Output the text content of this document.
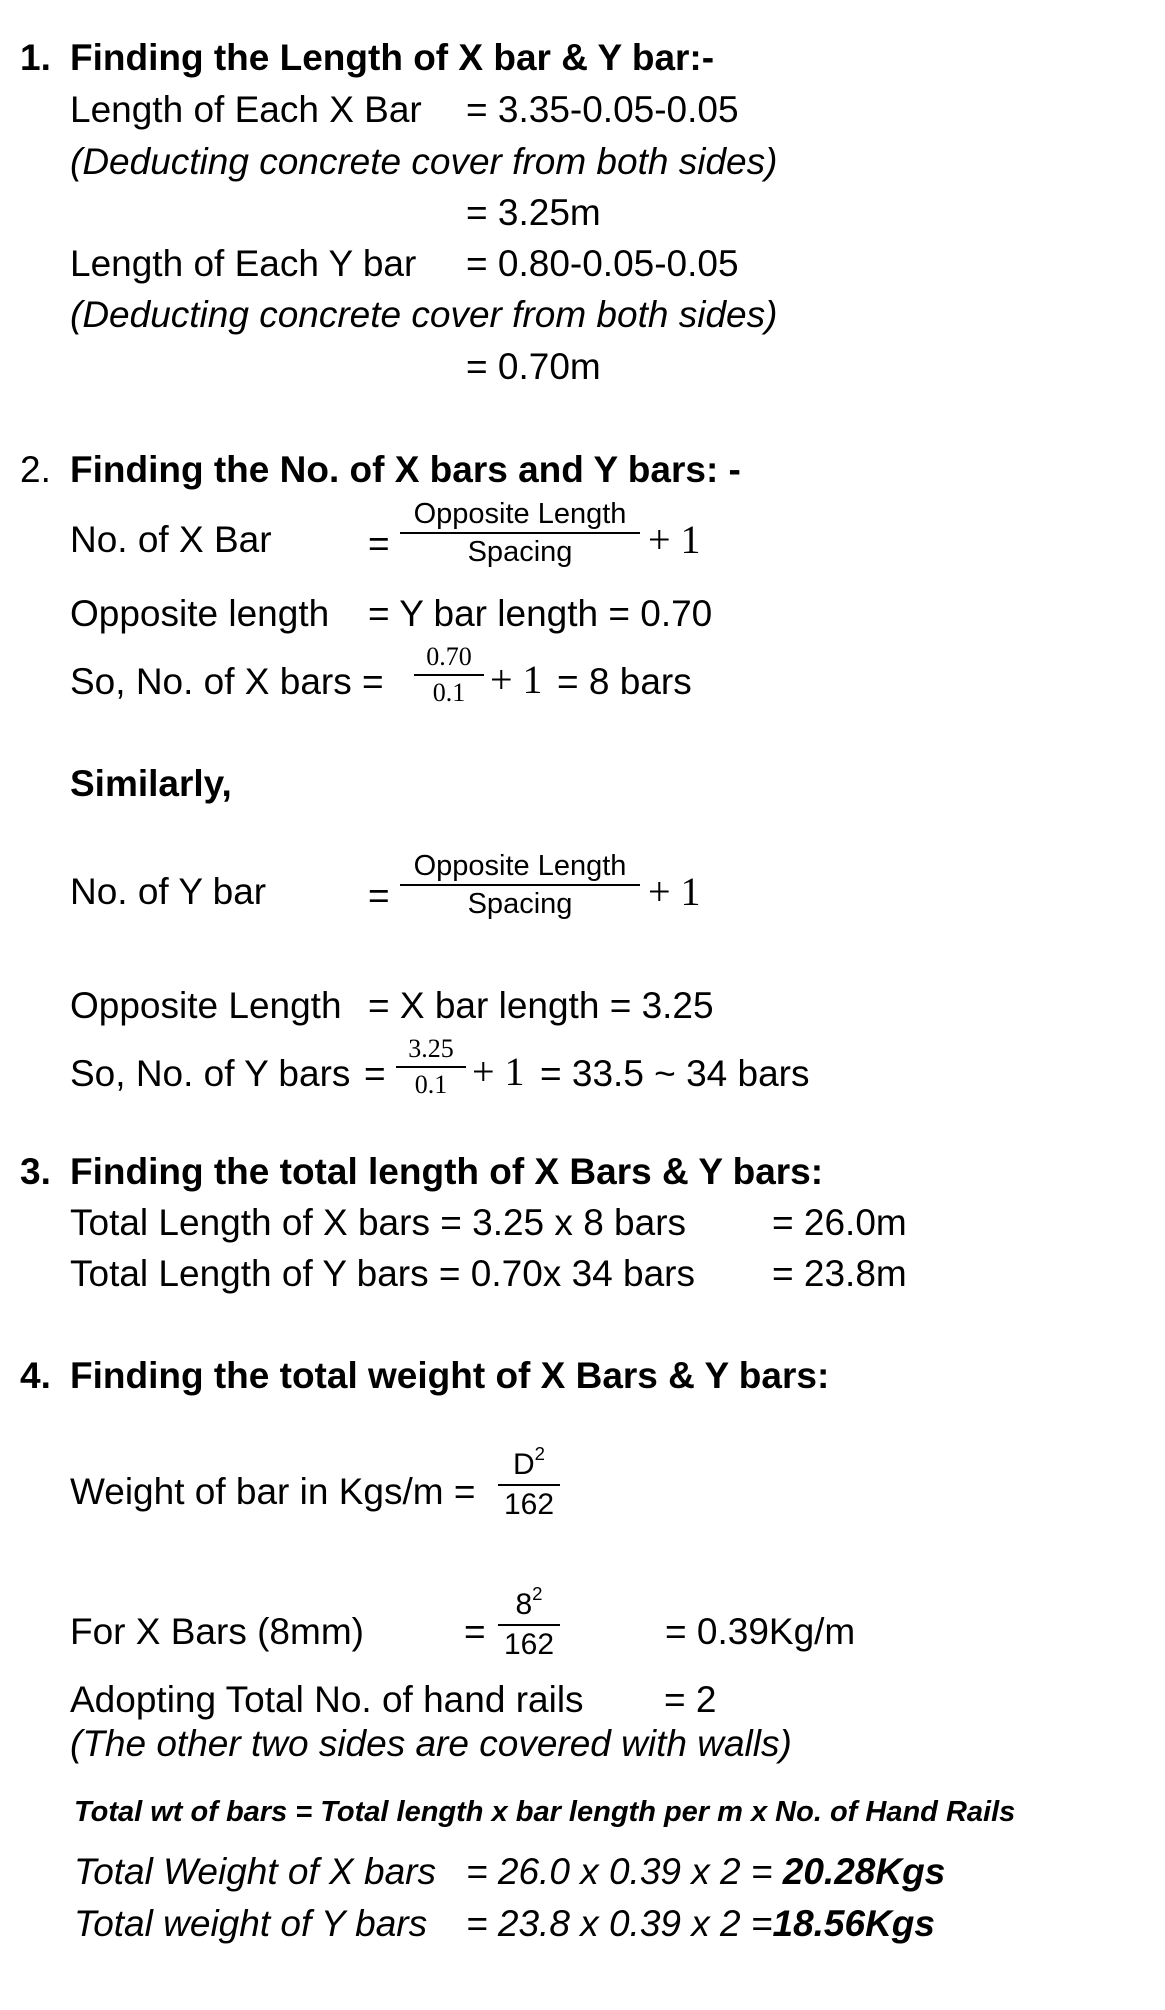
1. Finding the Length of X bar & Y bar:-
Length of Each X Bar = 3.35-0.05-0.05
(Deducting concrete cover from both sides)
= 3.25m
Length of Each Y bar = 0.80-0.05-0.05
(Deducting concrete cover from both sides)
= 0.70m
2. Finding the No. of X bars and Y bars: -
No. of X Bar	=
Opposite Length
Spacing	+ 1
Opposite length = Y bar length = 0.70
So, No. of X bars =
0.70
0.1 + 1 = 8 bars
Similarly,
No. of Y bar	=
Opposite Length
Spacing	+ 1
Opposite Length = X bar length = 3.25
So, No. of Y bars =
3.25
0.1 + 1 = 33.5 ~ 34 bars
3. Finding the total length of X Bars & Y bars:
Total Length of X bars = 3.25 x 8 bars = 26.0m
Total Length of Y bars = 0.70x 34 bars = 23.8m
4. Finding the total weight of X Bars & Y bars:
Weight of bar in Kgs/m =
$D^2$
162
For X Bars (8mm)	=
$8^2$
162	= 0.39Kg/m
Adopting Total No. of hand rails = 2
(The other two sides are covered with walls)
Total wt of bars = Total length x bar length per m x No. of Hand Rails
Total Weight of X bars = 26.0 x 0.39 x 2 = 20.28Kgs
Total weight of Y bars = 23.8 x 0.39 x 2 =18.56Kgs
